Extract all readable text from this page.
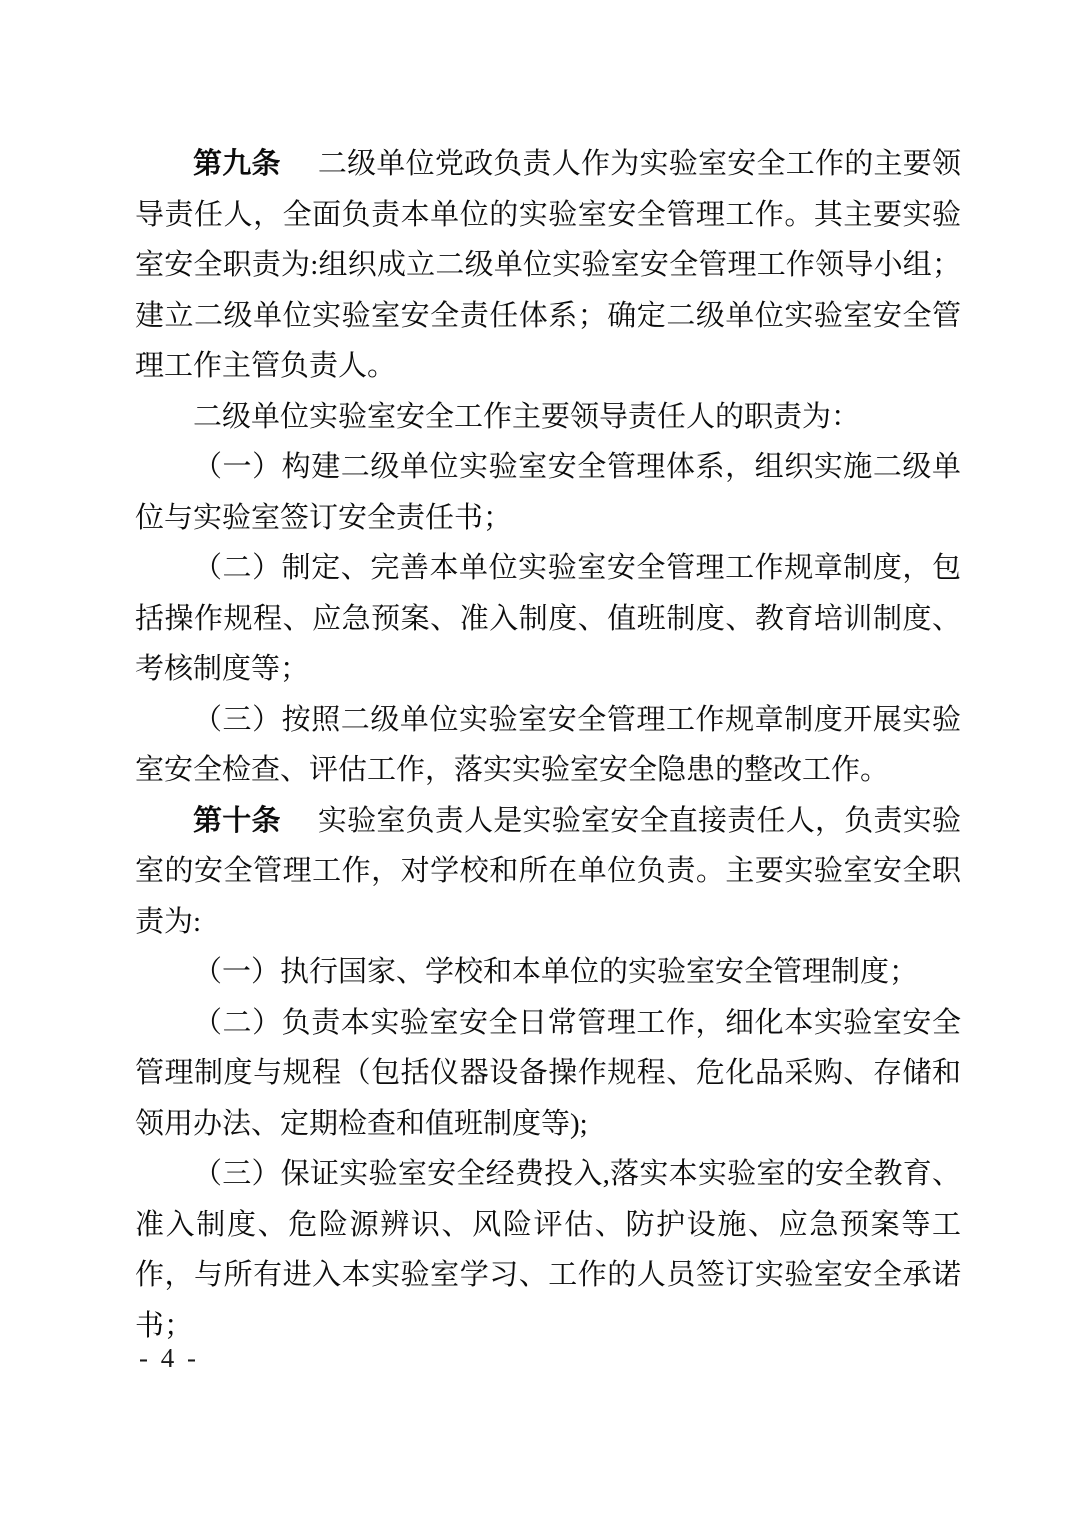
第九条 二级单位党政负责人作为实验室安全工作的主要领导责任人，全面负责本单位的实验室安全管理工作。其主要实验室安全职责为:组织成立二级单位实验室安全管理工作领导小组；建立二级单位实验室安全责任体系；确定二级单位实验室安全管理工作主管负责人。

二级单位实验室安全工作主要领导责任人的职责为：

（一）构建二级单位实验室安全管理体系，组织实施二级单位与实验室签订安全责任书；

（二）制定、完善本单位实验室安全管理工作规章制度，包括操作规程、应急预案、准入制度、值班制度、教育培训制度、考核制度等；

（三）按照二级单位实验室安全管理工作规章制度开展实验室安全检查、评估工作，落实实验室安全隐患的整改工作。

第十条 实验室负责人是实验室安全直接责任人，负责实验室的安全管理工作，对学校和所在单位负责。主要实验室安全职责为:

（一）执行国家、学校和本单位的实验室安全管理制度；

（二）负责本实验室安全日常管理工作，细化本实验室安全管理制度与规程（包括仪器设备操作规程、危化品采购、存储和领用办法、定期检查和值班制度等);

（三）保证实验室安全经费投入,落实本实验室的安全教育、准入制度、危险源辨识、风险评估、防护设施、应急预案等工作，与所有进入本实验室学习、工作的人员签订实验室安全承诺书；

- 4 -
